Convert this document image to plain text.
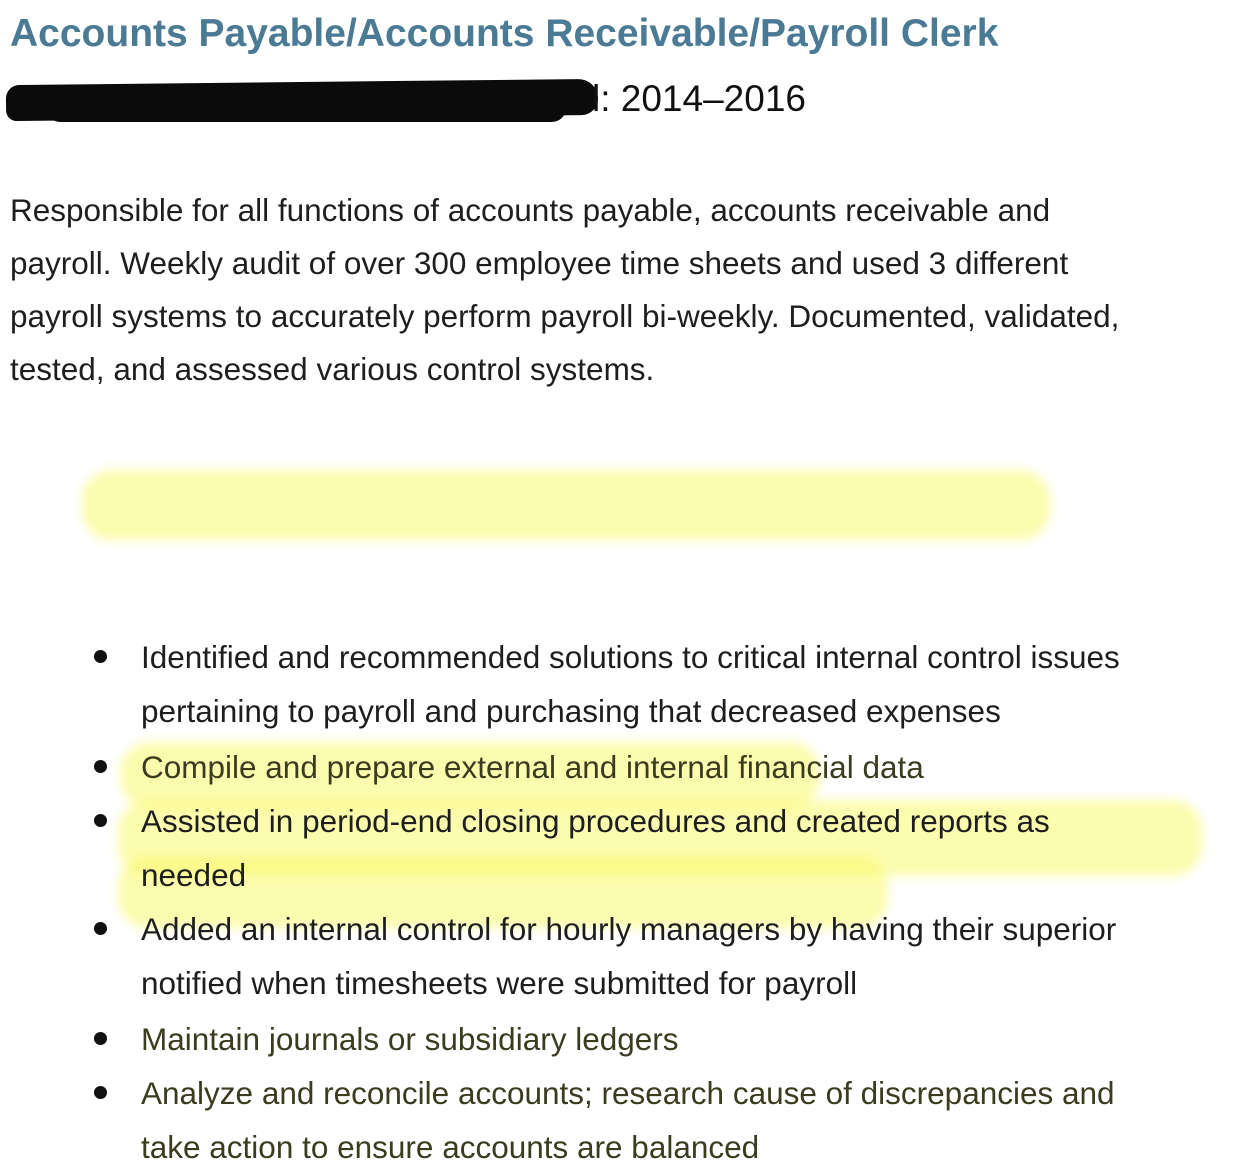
Accounts Payable/Accounts Receivable/Payroll Clerk
l: 2014–2016
Responsible for all functions of accounts payable, accounts receivable and
payroll. Weekly audit of over 300 employee time sheets and used 3 different
payroll systems to accurately perform payroll bi-weekly. Documented, validated,
tested, and assessed various control systems.
Identified and recommended solutions to critical internal control issues
pertaining to payroll and purchasing that decreased expenses
Compile and prepare external and internal financial data
Assisted in period-end closing procedures and created reports as
needed
Added an internal control for hourly managers by having their superior
notified when timesheets were submitted for payroll
Maintain journals or subsidiary ledgers
Analyze and reconcile accounts; research cause of discrepancies and
take action to ensure accounts are balanced
